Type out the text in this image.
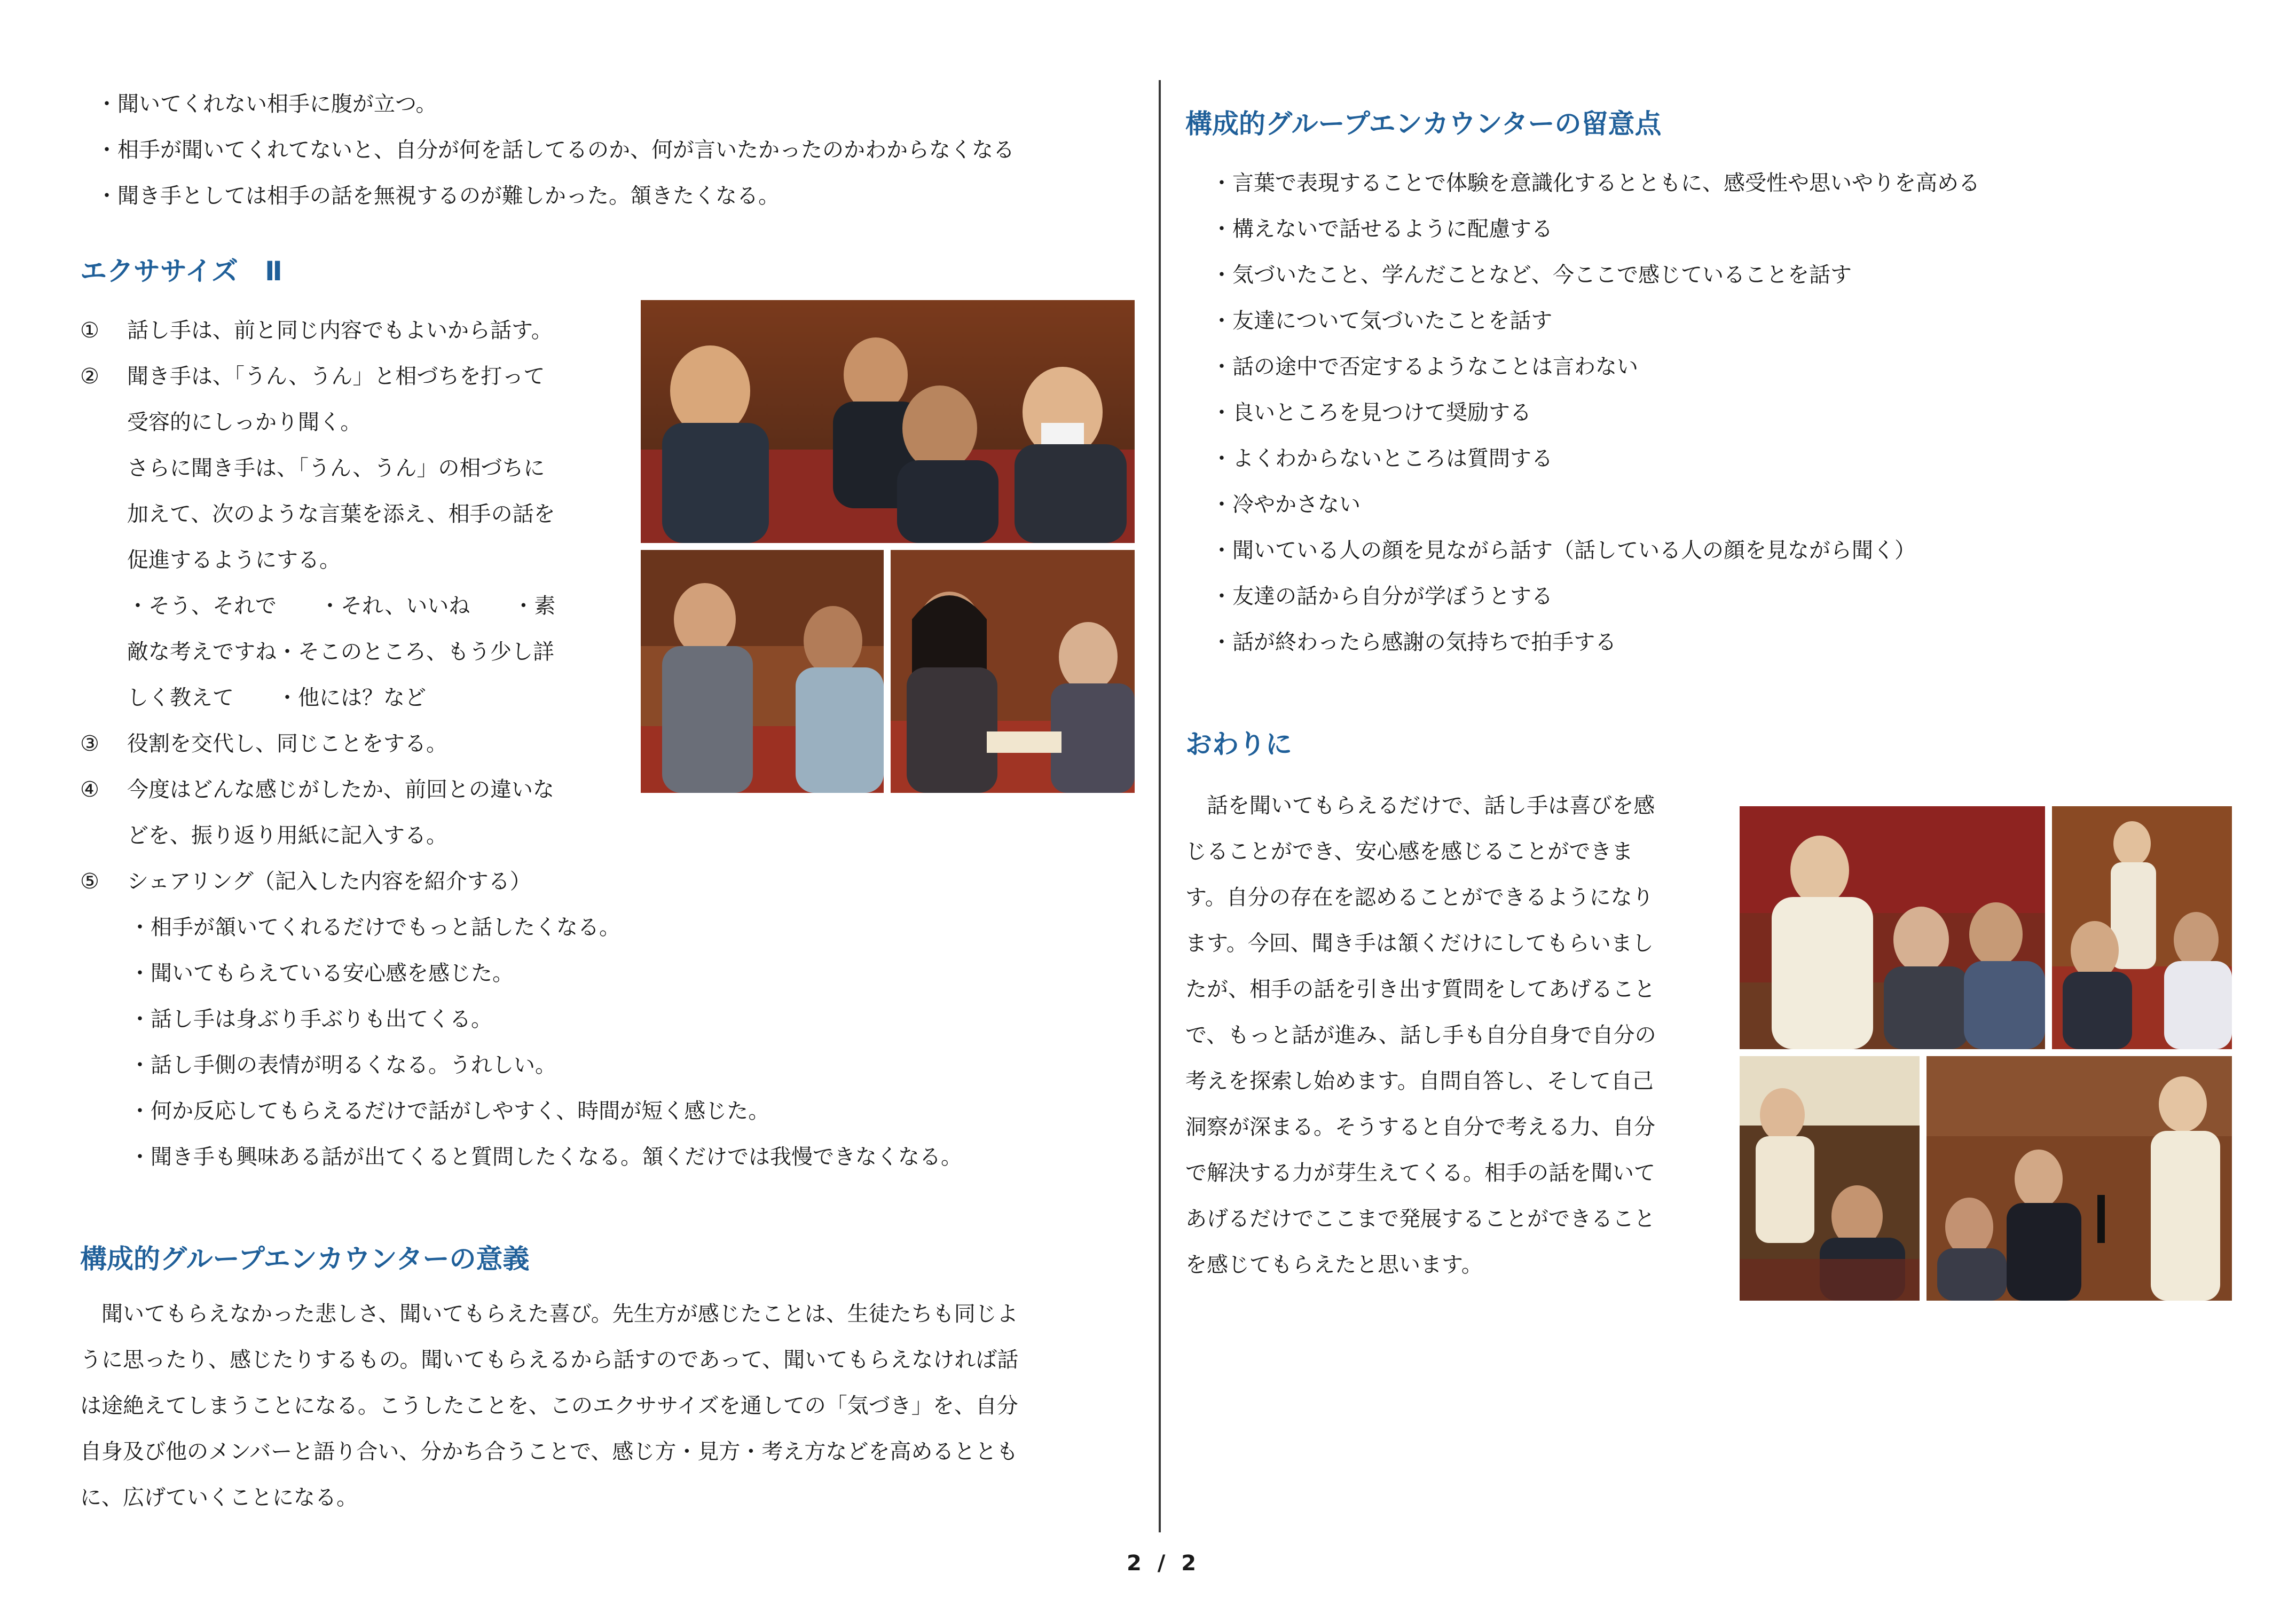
・聞いてくれない相手に腹が立つ。
・相手が聞いてくれてないと、自分が何を話してるのか、何が言いたかったのかわからなくなる
・聞き手としては相手の話を無視するのが難しかった。頷きたくなる。
エクササイズ　Ⅱ
①
②
③
④
⑤
話し手は、前と同じ内容でもよいから話す。
聞き手は、「うん、うん」と相づちを打って
受容的にしっかり聞く。
さらに聞き手は、「うん、うん」の相づちに
加えて、次のような言葉を添え、相手の話を
促進するようにする。
・そう、それで　　・それ、いいね　　・素
敵な考えですね・そこのところ、もう少し詳
しく教えて　　・他には？など
役割を交代し、同じことをする。
今度はどんな感じがしたか、前回との違いな
どを、振り返り用紙に記入する。
シェアリング（記入した内容を紹介する）
・相手が頷いてくれるだけでもっと話したくなる。
・聞いてもらえている安心感を感じた。
・話し手は身ぶり手ぶりも出てくる。
・話し手側の表情が明るくなる。うれしい。
・何か反応してもらえるだけで話がしやすく、時間が短く感じた。
・聞き手も興味ある話が出てくると質問したくなる。頷くだけでは我慢できなくなる。
構成的グループエンカウンターの意義
　聞いてもらえなかった悲しさ、聞いてもらえた喜び。先生方が感じたことは、生徒たちも同じよ
うに思ったり、感じたりするもの。聞いてもらえるから話すのであって、聞いてもらえなければ話
は途絶えてしまうことになる。こうしたことを、このエクササイズを通しての「気づき」を、自分
自身及び他のメンバーと語り合い、分かち合うことで、感じ方・見方・考え方などを高めるととも
に、広げていくことになる。
構成的グループエンカウンターの留意点
・言葉で表現することで体験を意識化するとともに、感受性や思いやりを高める
・構えないで話せるように配慮する
・気づいたこと、学んだことなど、今ここで感じていることを話す
・友達について気づいたことを話す
・話の途中で否定するようなことは言わない
・良いところを見つけて奨励する
・よくわからないところは質問する
・冷やかさない
・聞いている人の顔を見ながら話す（話している人の顔を見ながら聞く）
・友達の話から自分が学ぼうとする
・話が終わったら感謝の気持ちで拍手する
おわりに
　話を聞いてもらえるだけで、話し手は喜びを感
じることができ、安心感を感じることができま
す。自分の存在を認めることができるようになり
ます。今回、聞き手は頷くだけにしてもらいまし
たが、相手の話を引き出す質問をしてあげること
で、もっと話が進み、話し手も自分自身で自分の
考えを探索し始めます。自問自答し、そして自己
洞察が深まる。そうすると自分で考える力、自分
で解決する力が芽生えてくる。相手の話を聞いて
あげるだけでここまで発展することができること
を感じてもらえたと思います。
2 / 2
